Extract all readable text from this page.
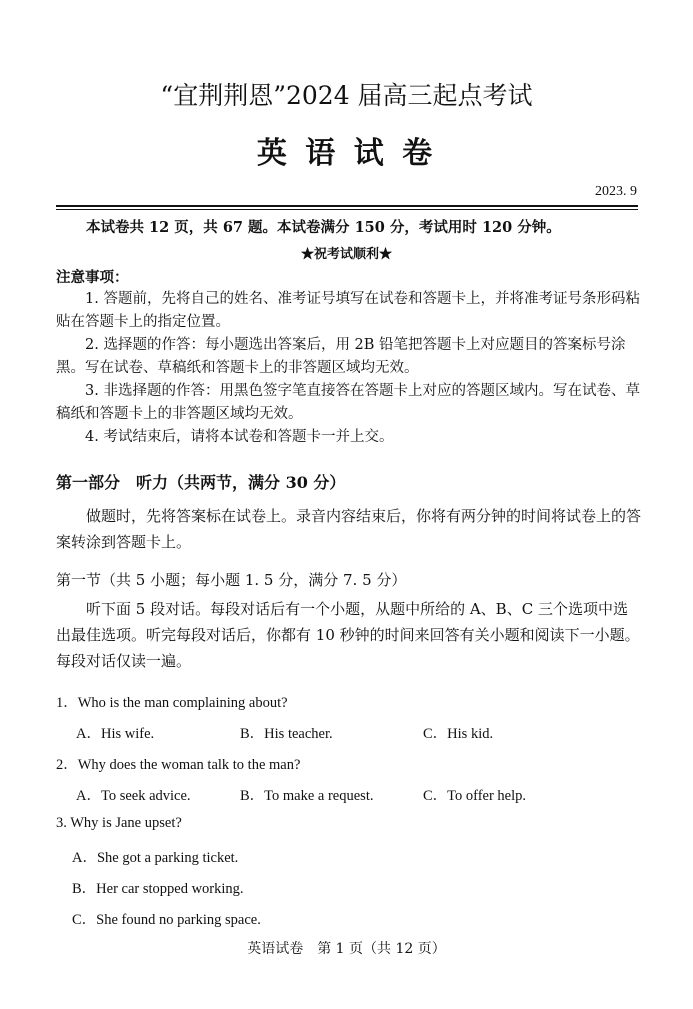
“宜荆荆恩”2024 届高三起点考试
英 语 试 卷
2023. 9
本试卷共 12 页，共 67 题。本试卷满分 150 分，考试用时 120 分钟。
★祝考试顺利★
注意事项：

1. 答题前，先将自己的姓名、准考证号填写在试卷和答题卡上，并将准考证号条形码粘贴在答题卡上的指定位置。

2. 选择题的作答：每小题选出答案后，用 2B 铅笔把答题卡上对应题目的答案标号涂黑。写在试卷、草稿纸和答题卡上的非答题区域均无效。

3. 非选择题的作答：用黑色签字笔直接答在答题卡上对应的答题区域内。写在试卷、草稿纸和答题卡上的非答题区域均无效。

4. 考试结束后，请将本试卷和答题卡一并上交。

第一部分　听力（共两节，满分 30 分）

做题时，先将答案标在试卷上。录音内容结束后，你将有两分钟的时间将试卷上的答案转涂到答题卡上。

第一节（共 5 小题；每小题 1. 5 分，满分 7. 5 分）

听下面 5 段对话。每段对话后有一个小题，从题中所给的 A、B、C 三个选项中选出最佳选项。听完每段对话后，你都有 10 秒钟的时间来回答有关小题和阅读下一小题。每段对话仅读一遍。

1．Who is the man complaining about?
A．His wife.	B．His teacher.	C．His kid.
2．Why does the woman talk to the man?
A．To seek advice.	B．To make a request.	C．To offer help.
3. Why is Jane upset?
A．She got a parking ticket.
B．Her car stopped working.
C．She found no parking space.
英语试卷　第 1 页（共 12 页）
